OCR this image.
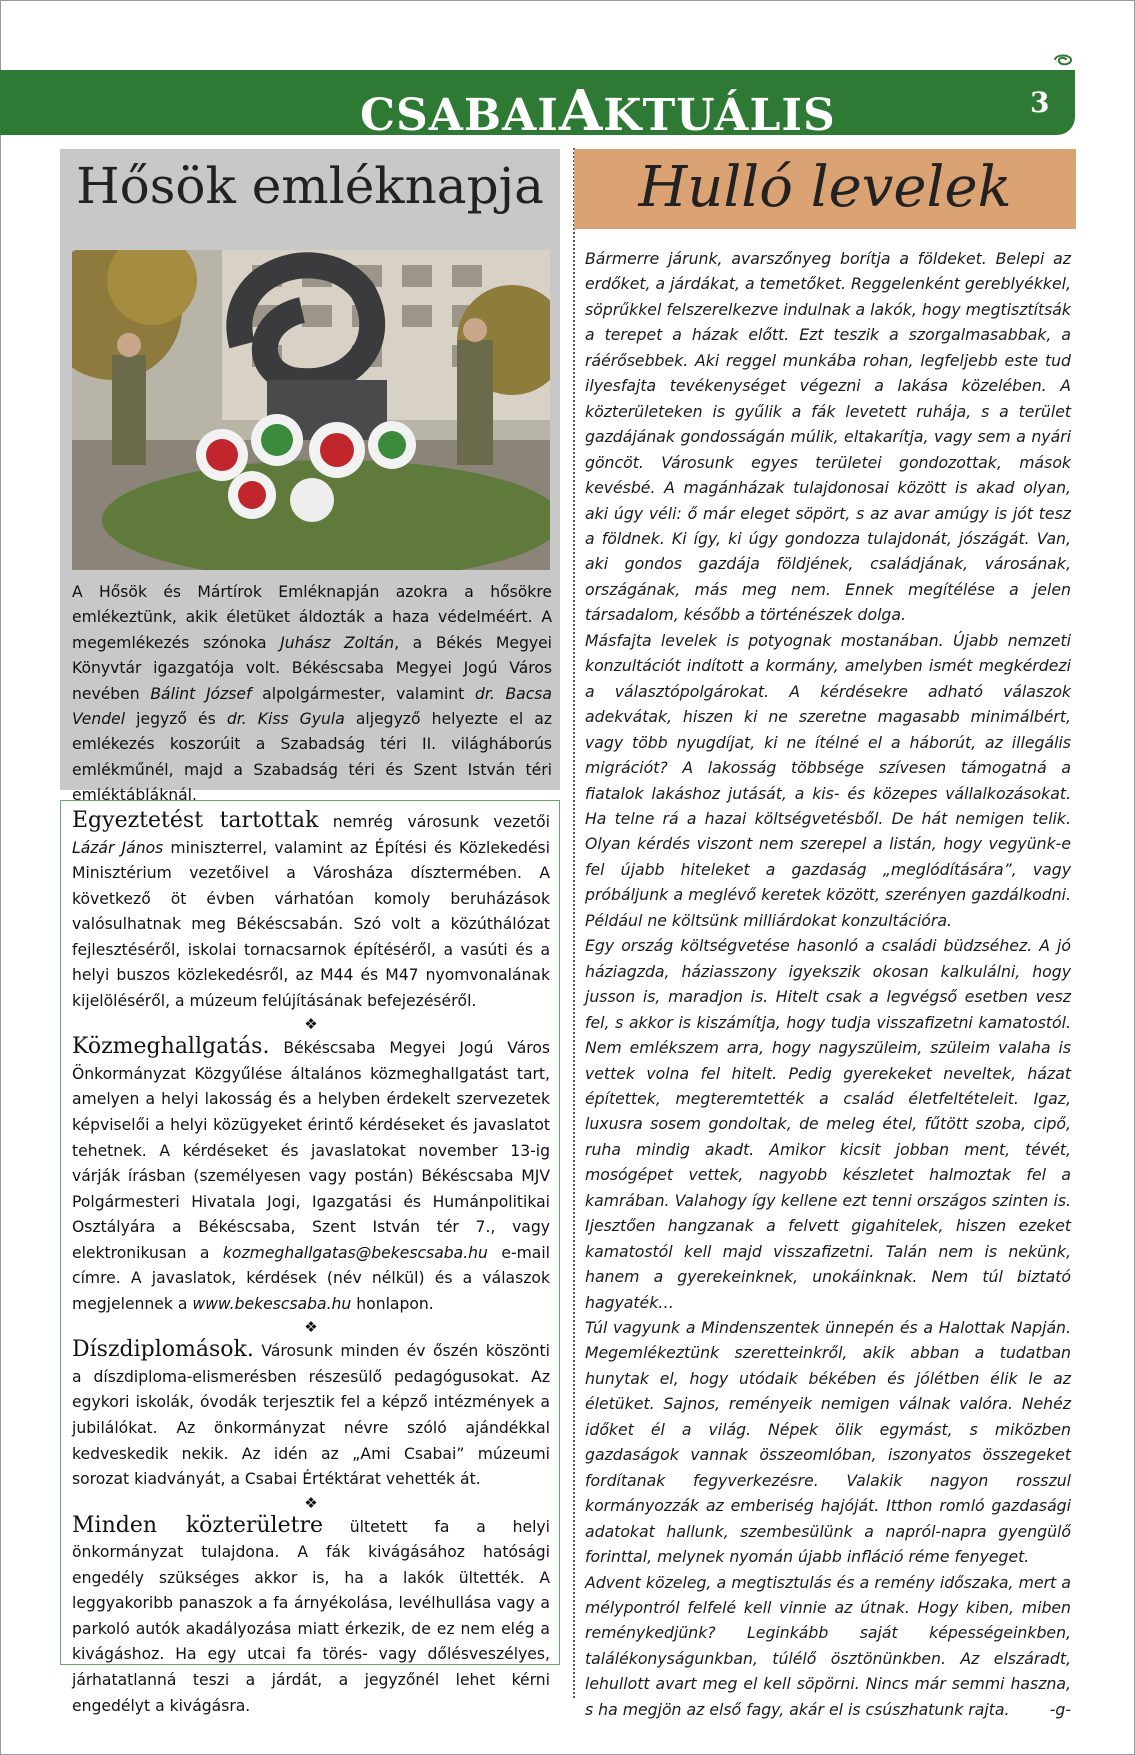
CSABAIAKTUÁLIS	3
Hősök emléknapja
A Hősök és Mártírok Emléknapján azokra a hősökre emlékeztünk, akik életüket áldozták a haza védelméért. A megemlékezés szónoka Juhász Zoltán, a Békés Megyei Könyvtár igazgatója volt. Békéscsaba Megyei Jogú Város nevében Bálint József alpolgármester, valamint dr. Bacsa Vendel jegyző és dr. Kiss Gyula aljegyző helyezte el az emlékezés koszorúit a Szabadság téri II. világháborús emlékműnél, majd a Szabadság téri és Szent István téri emléktábláknál.

Egyeztetést tartottak nemrég városunk vezetői Lázár János miniszterrel, valamint az Építési és Közlekedési Minisztérium vezetőivel a Városháza dísztermében. A következő öt évben várhatóan komoly beruházások valósulhatnak meg Békéscsabán. Szó volt a közúthálózat fejlesztéséről, iskolai tornacsarnok építéséről, a vasúti és a helyi buszos közlekedésről, az M44 és M47 nyomvonalának kijelöléséről, a múzeum felújításának befejezéséről.

❖

Közmeghallgatás. Békéscsaba Megyei Jogú Város Önkormányzat Közgyűlése általános közmeghallgatást tart, amelyen a helyi lakosság és a helyben érdekelt szervezetek képviselői a helyi közügyeket érintő kérdéseket és javaslatot tehetnek. A kérdéseket és javaslatokat november 13-ig várják írásban (személyesen vagy postán) Békéscsaba MJV Polgármesteri Hivatala Jogi, Igazgatási és Humánpolitikai Osztályára a Békéscsaba, Szent István tér 7., vagy elektronikusan a kozmeghallgatas@bekescsaba.hu e-mail címre. A javaslatok, kérdések (név nélkül) és a válaszok megjelennek a www.bekescsaba.hu honlapon.

❖

Díszdiplomások. Városunk minden év őszén köszönti a díszdiploma-elismerésben részesülő pedagógusokat. Az egykori iskolák, óvodák terjesztik fel a képző intézmények a jubilálókat. Az önkormányzat névre szóló ajándékkal kedveskedik nekik. Az idén az „Ami Csabai” múzeumi sorozat kiadványát, a Csabai Értéktárat vehették át.

❖

Minden közterületre ültetett fa a helyi önkormányzat tulajdona. A fák kivágásához hatósági engedély szükséges akkor is, ha a lakók ültették. A leggyakoribb panaszok a fa árnyékolása, levélhullása vagy a parkoló autók akadályozása miatt érkezik, de ez nem elég a kivágáshoz. Ha egy utcai fa törés- vagy dőlésveszélyes, járhatatlanná teszi a járdát, a jegyzőnél lehet kérni engedélyt a kivágásra.

Hulló levelek

Bármerre járunk, avarszőnyeg borítja a földeket. Belepi az erdőket, a járdákat, a temetőket. Reggelenként gereblyékkel, söprűkkel felszerelkezve indulnak a lakók, hogy megtisztítsák a terepet a házak előtt. Ezt teszik a szorgalmasabbak, a ráérősebbek. Aki reggel munkába rohan, legfeljebb este tud ilyesfajta tevékenységet végezni a lakása közelében. A közterületeken is gyűlik a fák levetett ruhája, s a terület gazdájának gondosságán múlik, eltakarítja, vagy sem a nyári göncöt. Városunk egyes területei gondozottak, mások kevésbé. A magánházak tulajdonosai között is akad olyan, aki úgy véli: ő már eleget söpört, s az avar amúgy is jót tesz a földnek. Ki így, ki úgy gondozza tulajdonát, jószágát. Van, aki gondos gazdája földjének, családjának, városának, országának, más meg nem. Ennek megítélése a jelen társadalom, később a történészek dolga.

Másfajta levelek is potyognak mostanában. Újabb nemzeti konzultációt indított a kormány, amelyben ismét megkérdezi a választópolgárokat. A kérdésekre adható válaszok adekvátak, hiszen ki ne szeretne magasabb minimálbért, vagy több nyugdíjat, ki ne ítélné el a háborút, az illegális migrációt? A lakosság többsége szívesen támogatná a fiatalok lakáshoz jutását, a kis- és közepes vállalkozásokat. Ha telne rá a hazai költségvetésből. De hát nemigen telik. Olyan kérdés viszont nem szerepel a listán, hogy vegyünk-e fel újabb hiteleket a gazdaság „meglódítására”, vagy próbáljunk a meglévő keretek között, szerényen gazdálkodni. Például ne költsünk milliárdokat konzultációra.

Egy ország költségvetése hasonló a családi büdzséhez. A jó háziagzda, háziasszony igyekszik okosan kalkulálni, hogy jusson is, maradjon is. Hitelt csak a legvégső esetben vesz fel, s akkor is kiszámítja, hogy tudja visszafizetni kamatostól. Nem emlékszem arra, hogy nagyszüleim, szüleim valaha is vettek volna fel hitelt. Pedig gyerekeket neveltek, házat építettek, megteremtették a család életfeltételeit. Igaz, luxusra sosem gondoltak, de meleg étel, fűtött szoba, cipő, ruha mindig akadt. Amikor kicsit jobban ment, tévét, mosógépet vettek, nagyobb készletet halmoztak fel a kamrában. Valahogy így kellene ezt tenni országos szinten is. Ijesztően hangzanak a felvett gigahitelek, hiszen ezeket kamatostól kell majd visszafizetni. Talán nem is nekünk, hanem a gyerekeinknek, unokáinknak. Nem túl biztató hagyaték…

Túl vagyunk a Mindenszentek ünnepén és a Halottak Napján. Megemlékeztünk szeretteinkről, akik abban a tudatban hunytak el, hogy utódaik békében és jólétben élik le az életüket. Sajnos, reményeik nemigen válnak valóra. Nehéz időket él a világ. Népek ölik egymást, s miközben gazdaságok vannak összeomlóban, iszonyatos összegeket fordítanak fegyverkezésre. Valakik nagyon rosszul kormányozzák az emberiség hajóját. Itthon romló gazdasági adatokat hallunk, szembesülünk a napról-napra gyengülő forinttal, melynek nyomán újabb infláció réme fenyeget.

Advent közeleg, a megtisztulás és a remény időszaka, mert a mélypontról felfelé kell vinnie az útnak. Hogy kiben, miben reménykedjünk? Leginkább saját képességeinkben, találékonyságunkban, túlélő ösztönünkben. Az elszáradt, lehullott avart meg el kell söpörni. Nincs már semmi haszna, s ha megjön az első fagy, akár el is csúszhatunk rajta.	-g-
